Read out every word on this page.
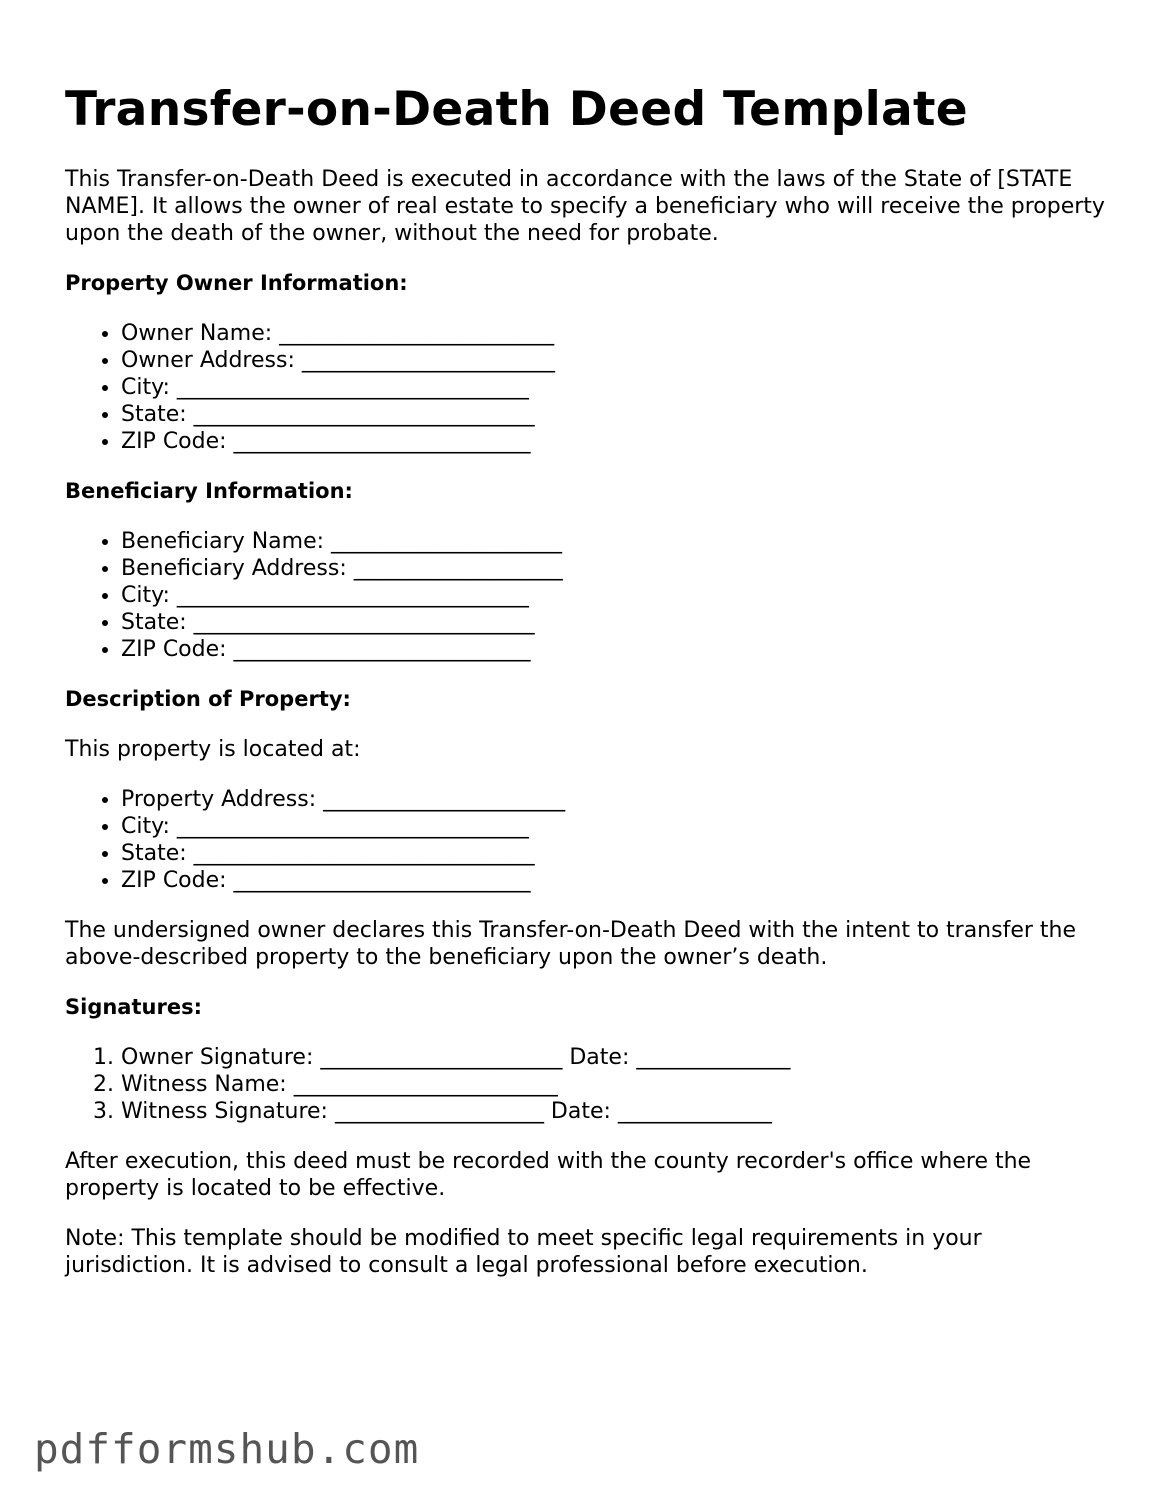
Transfer-on-Death Deed Template

This Transfer-on-Death Deed is executed in accordance with the laws of the State of [STATE NAME]. It allows the owner of real estate to specify a beneficiary who will receive the property upon the death of the owner, without the need for probate.

Property Owner Information:
• Owner Name: _________________________
• Owner Address: _______________________
• City: ________________________________
• State: _______________________________
• ZIP Code: ___________________________
Beneficiary Information:
• Beneficiary Name: _____________________
• Beneficiary Address: ___________________
• City: ________________________________
• State: _______________________________
• ZIP Code: ___________________________
Description of Property:

This property is located at:

• Property Address: ______________________
• City: ________________________________
• State: _______________________________
• ZIP Code: ___________________________

The undersigned owner declares this Transfer-on-Death Deed with the intent to transfer the above-described property to the beneficiary upon the owner’s death.

Signatures:
1. Owner Signature: ______________________ Date: ______________
2. Witness Name: ________________________
3. Witness Signature: ___________________ Date: ______________

After execution, this deed must be recorded with the county recorder's office where the property is located to be effective.

Note: This template should be modified to meet specific legal requirements in your jurisdiction. It is advised to consult a legal professional before execution.

pdfformshub.com
